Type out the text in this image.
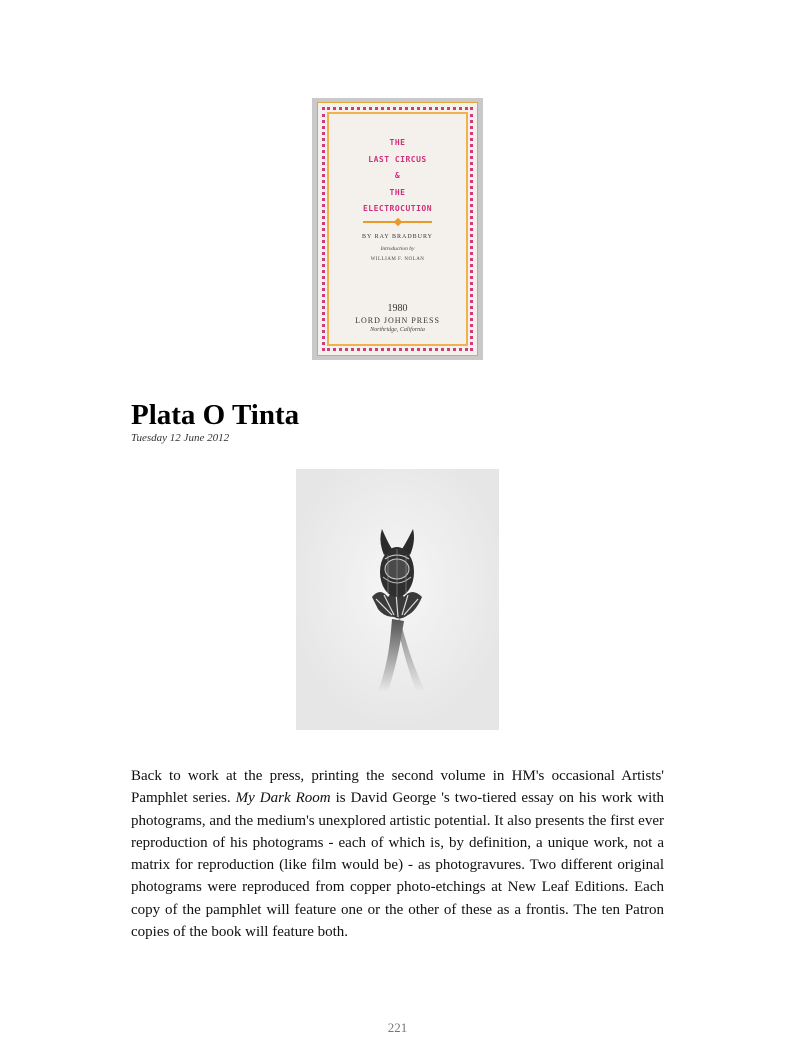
THE
LAST CIRCUS
&
THE
ELECTROCUTION
BY RAY BRADBURY
Introduction by
WILLIAM F. NOLAN
1980
LORD JOHN PRESS
Northridge, California
Plata O Tinta
Tuesday 12 June 2012

Back to work at the press, printing the second volume in HM's occasional Artists' Pamphlet series. My Dark Room is David George 's two-tiered essay on his work with photograms, and the medium's unexplored artistic potential. It also presents the first ever reproduction of his photograms - each of which is, by definition, a unique work, not a matrix for reproduction (like film would be) - as photogravures. Two different original photograms were reproduced from copper photo-etchings at New Leaf Editions. Each copy of the pamphlet will feature one or the other of these as a frontis. The ten Patron copies of the book will feature both.

221
